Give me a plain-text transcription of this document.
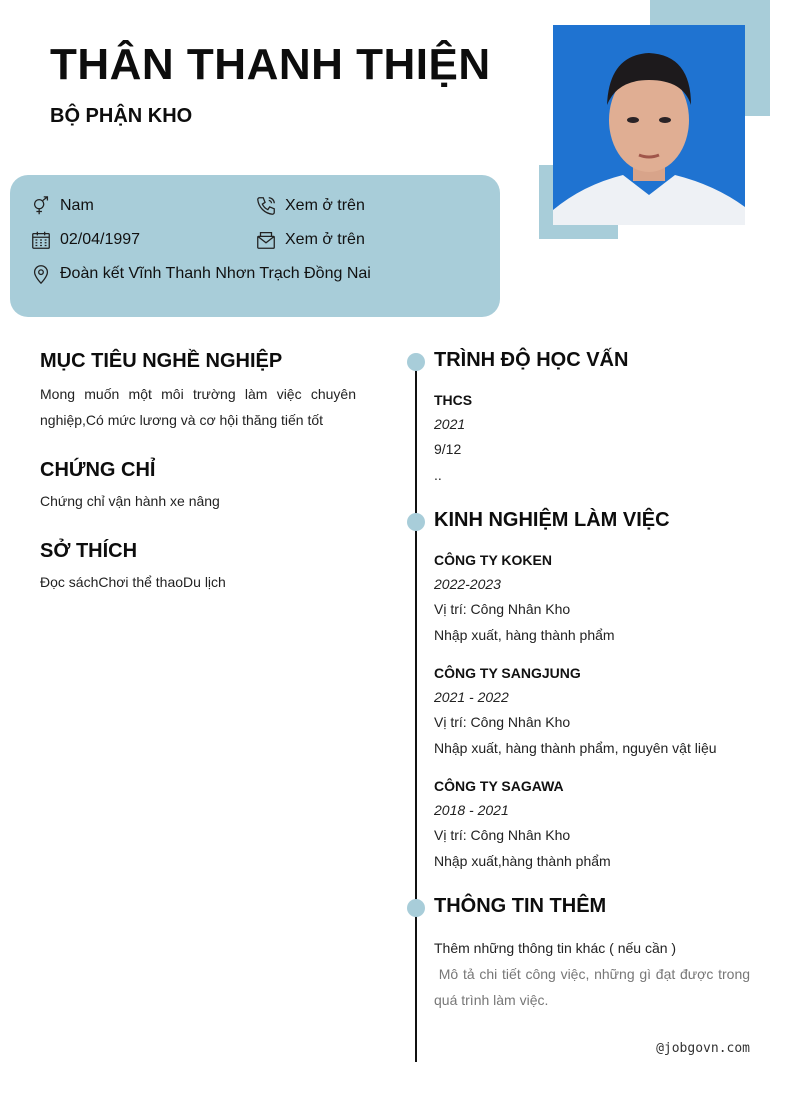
THÂN THANH THIỆN
BỘ PHẬN KHO
Nam	Xem ở trên
02/04/1997	Xem ở trên
Đoàn kết Vĩnh Thanh Nhơn Trạch Đồng Nai
MỤC TIÊU NGHỀ NGHIỆP
Mong muốn một môi trường làm việc chuyên nghiệp,Có mức lương và cơ hội thăng tiến tốt
CHỨNG CHỈ
Chứng chỉ vận hành xe nâng
SỞ THÍCH
Đọc sáchChơi thể thaoDu lịch
TRÌNH ĐỘ HỌC VẤN
THCS
2021
9/12
..
KINH NGHIỆM LÀM VIỆC
CÔNG TY KOKEN
2022-2023
Vị trí: Công Nhân Kho
Nhập xuất, hàng thành phẩm
CÔNG TY SANGJUNG
2021 - 2022
Vị trí: Công Nhân Kho
Nhập xuất, hàng thành phẩm, nguyên vật liệu
CÔNG TY SAGAWA
2018 - 2021
Vị trí: Công Nhân Kho
Nhập xuất,hàng thành phẩm
THÔNG TIN THÊM
Thêm những thông tin khác ( nếu cần )
Mô tả chi tiết công việc, những gì đạt được trong quá trình làm việc.
@jobgovn.com
